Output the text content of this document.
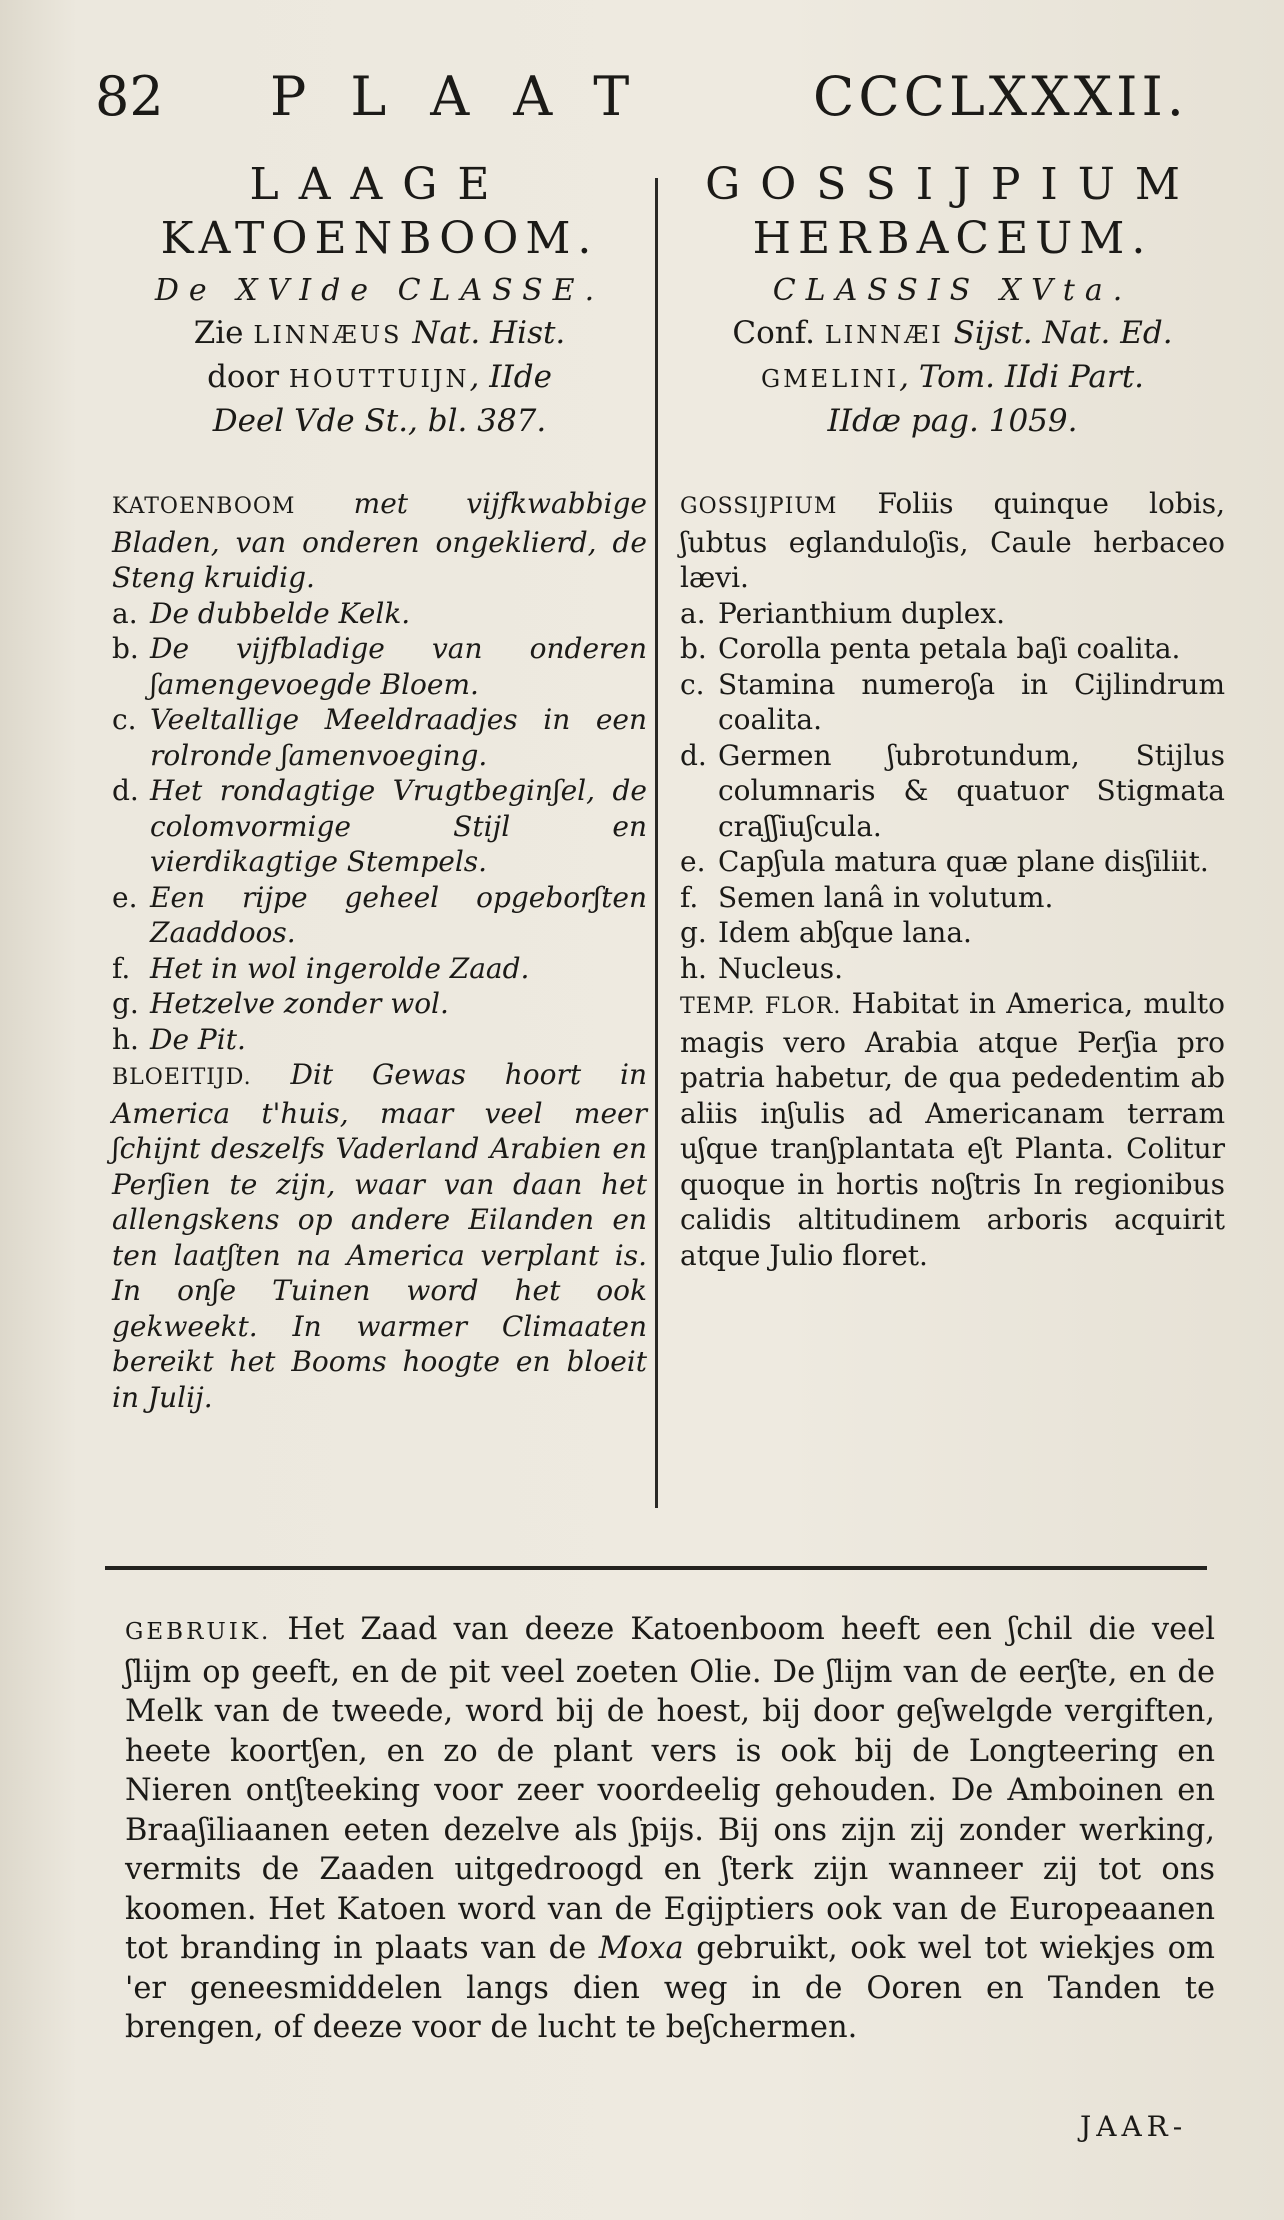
82 PLAAT	CCCLXXXII.
LAAGE
KATOENBOOM.
De XVIde CLASSE.
Zie LINNÆUS Nat. Hist.
door HOUTTUIJN, IIde
Deel Vde St., bl. 387.

KATOENBOOM met vijfkwabbige Bladen, van onderen ongeklierd, de Steng kruidig.

a. De dubbelde Kelk.

b. De vijfbladige van onderen ʃamengevoegde Bloem.

c. Veeltallige Meeldraadjes in een rolronde ʃamenvoeging.

d. Het rondagtige Vrugtbeginʃel, de colomvormige Stijl en vierdikagtige Stempels.

e. Een rijpe geheel opgeborʃten Zaaddoos.

f. Het in wol ingerolde Zaad.

g. Hetzelve zonder wol.

h. De Pit.

BLOEITIJD. Dit Gewas hoort in America t'huis, maar veel meer ʃchijnt deszelfs Vaderland Arabien en Perʃien te zijn, waar van daan het allengskens op andere Eilanden en ten laatʃten na America verplant is. In onʃe Tuinen word het ook gekweekt. In warmer Climaaten bereikt het Booms hoogte en bloeit in Julij.

GOSSIJPIUM
HERBACEUM.
CLASSIS XVta.
Conf. LINNÆI Sijst. Nat. Ed.
GMELINI, Tom. IIdi Part.
IIdæ pag. 1059.

GOSSIJPIUM Foliis quinque lobis, ʃubtus eglanduloʃis, Caule herbaceo lævi.

a. Perianthium duplex.

b. Corolla penta petala baʃi coalita.

c. Stamina numeroʃa in Cijlindrum coalita.

d. Germen ʃubrotundum, Stijlus columnaris & quatuor Stigmata craʃʃiuʃcula.

e. Capʃula matura quæ plane disʃiliit.

f. Semen lanâ in volutum.

g. Idem abʃque lana.

h. Nucleus.

TEMP. FLOR. Habitat in America, multo magis vero Arabia atque Perʃia pro patria habetur, de qua pededentim ab aliis inʃulis ad Americanam terram uʃque tranʃplantata eʃt Planta. Colitur quoque in hortis noʃtris In regionibus calidis altitudinem arboris acquirit atque Julio floret.

GEBRUIK. Het Zaad van deeze Katoenboom heeft een ʃchil die veel ʃlijm op geeft, en de pit veel zoeten Olie. De ʃlijm van de eerʃte, en de Melk van de tweede, word bij de hoest, bij door geʃwelgde vergiften, heete koortʃen, en zo de plant vers is ook bij de Longteering en Nieren ontʃteeking voor zeer voordeelig gehouden. De Amboinen en Braaʃiliaanen eeten dezelve als ʃpijs. Bij ons zijn zij zonder werking, vermits de Zaaden uitgedroogd en ʃterk zijn wanneer zij tot ons koomen. Het Katoen word van de Egijptiers ook van de Europeaanen tot branding in plaats van de Moxa gebruikt, ook wel tot wiekjes om 'er geneesmiddelen langs dien weg in de Ooren en Tanden te brengen, of deeze voor de lucht te beʃchermen.
JAAR-
